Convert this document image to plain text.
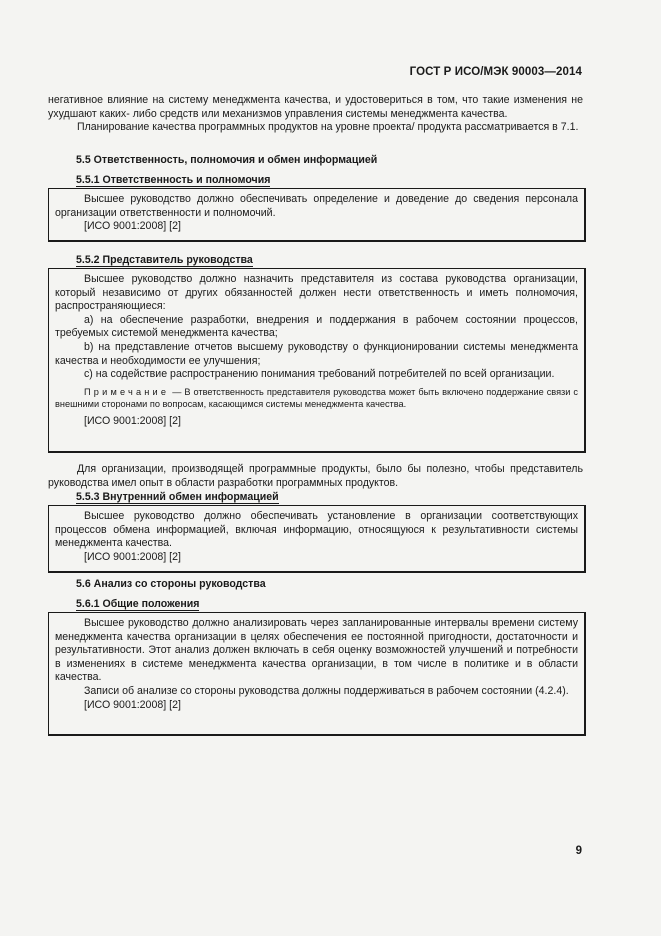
ГОСТ Р ИСО/МЭК 90003—2014

негативное влияние на систему менеджмента качества, и удостовериться в том, что такие изменения не ухудшают каких- либо средств или механизмов управления системы менеджмента качества.

Планирование качества программных продуктов на уровне проекта/ продукта рассматривается в 7.1.

5.5 Ответственность, полномочия и обмен информацией
5.5.1 Ответственность и полномочия

Высшее руководство должно обеспечивать определение и доведение до сведения персонала организации ответственности и полномочий.

[ИСО 9001:2008] [2]

5.5.2 Представитель руководства

Высшее руководство должно назначить представителя из состава руководства организации, который независимо от других обязанностей должен нести ответственность и иметь полномочия, распространяющиеся:

a) на обеспечение разработки, внедрения и поддержания в рабочем состоянии процессов, требуемых системой менеджмента качества;

b) на представление отчетов высшему руководству о функционировании системы менеджмента качества и необходимости ее улучшения;

c) на содействие распространению понимания требований потребителей по всей организации.

Примечание — В ответственность представителя руководства может быть включено поддержание связи с внешними сторонами по вопросам, касающимся системы менеджмента качества.

[ИСО 9001:2008] [2]

Для организации, производящей программные продукты, было бы полезно, чтобы представитель руководства имел опыт в области разработки программных продуктов.

5.5.3 Внутренний обмен информацией

Высшее руководство должно обеспечивать установление в организации соответствующих процессов обмена информацией, включая информацию, относящуюся к результативности системы менеджмента качества.

[ИСО 9001:2008] [2]

5.6 Анализ со стороны руководства
5.6.1 Общие положения

Высшее руководство должно анализировать через запланированные интервалы времени систему менеджмента качества организации в целях обеспечения ее постоянной пригодности, достаточности и результативности. Этот анализ должен включать в себя оценку возможностей улучшений и потребности в изменениях в системе менеджмента качества организации, в том числе в политике и в области качества.

Записи об анализе со стороны руководства должны поддерживаться в рабочем состоянии (4.2.4).

[ИСО 9001:2008] [2]

9
